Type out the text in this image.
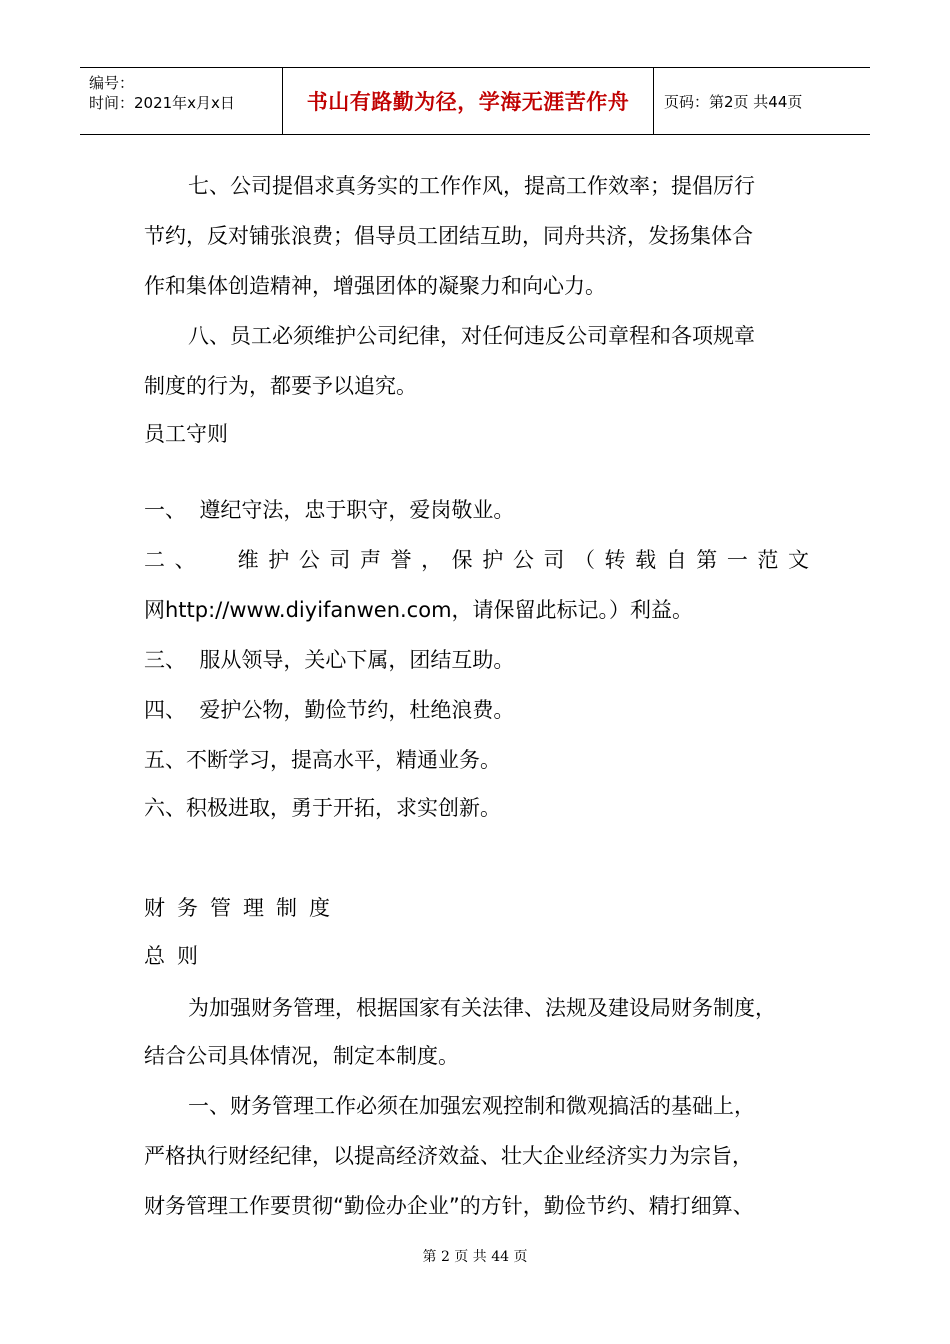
编号：
时间：2021年x月x日	书山有路勤为径，学海无涯苦作舟 页码：第2页 共44页
七、公司提倡求真务实的工作作风，提高工作效率；提倡厉行
节约，反对铺张浪费；倡导员工团结互助，同舟共济，发扬集体合
作和集体创造精神，增强团体的凝聚力和向心力。
八、员工必须维护公司纪律，对任何违反公司章程和各项规章
制度的行为，都要予以追究。
员工守则
一、  遵纪守法，忠于职守，爱岗敬业。
二、  维护公司声誉，保护公司（转载自第一范文
网http://www.diyifanwen.com，请保留此标记。）利益。
三、  服从领导，关心下属，团结互助。
四、  爱护公物，勤俭节约，杜绝浪费。
五、不断学习，提高水平，精通业务。
六、积极进取，勇于开拓，求实创新。
财务管理制度
总则
为加强财务管理，根据国家有关法律、法规及建设局财务制度，
结合公司具体情况，制定本制度。
一、财务管理工作必须在加强宏观控制和微观搞活的基础上，
严格执行财经纪律，以提高经济效益、壮大企业经济实力为宗旨，
财务管理工作要贯彻“勤俭办企业”的方针，勤俭节约、精打细算、
第 2 页 共 44 页
